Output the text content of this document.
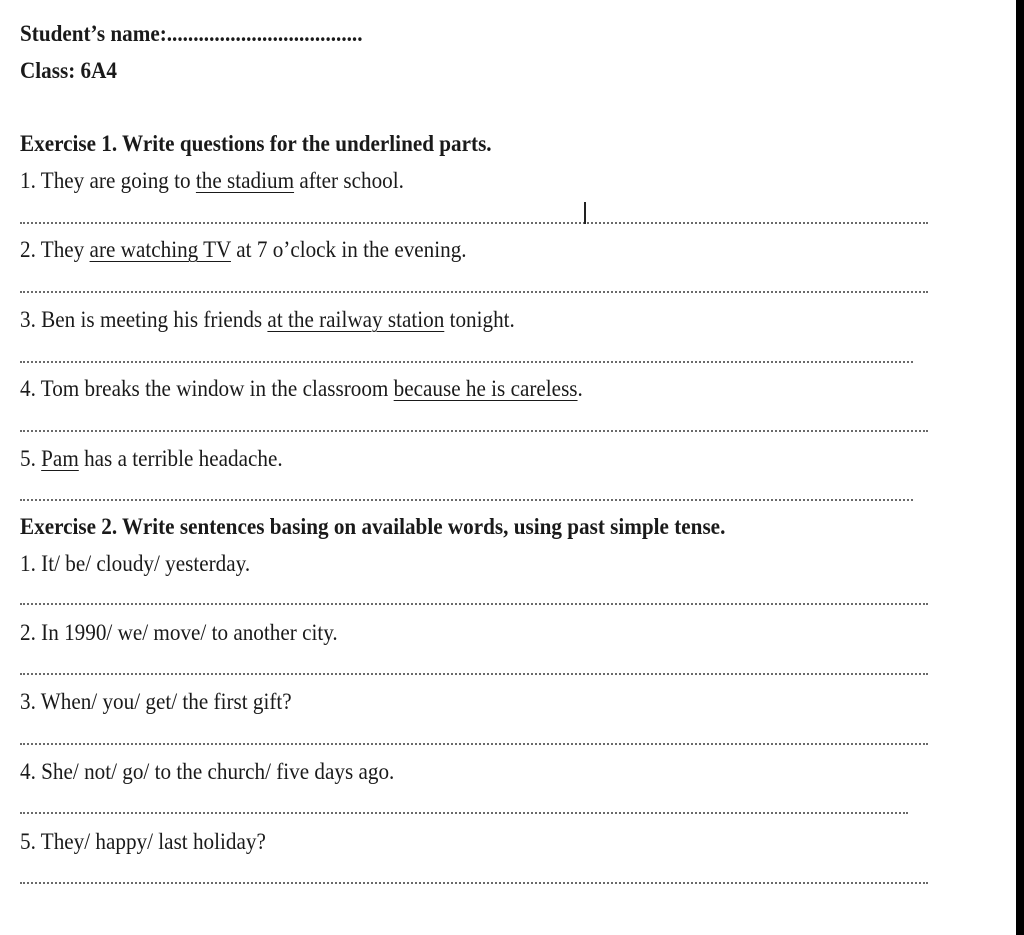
Student’s name:.....................................
Class: 6A4
Exercise 1. Write questions for the underlined parts.
1. They are going to the stadium after school.
2. They are watching TV at 7 o’clock in the evening.
3. Ben is meeting his friends at the railway station tonight.
4. Tom breaks the window in the classroom because he is careless.
5. Pam has a terrible headache.
Exercise 2. Write sentences basing on available words, using past simple tense.
1. It/ be/ cloudy/ yesterday.
2. In 1990/ we/ move/ to another city.
3. When/ you/ get/ the first gift?
4. She/ not/ go/ to the church/ five days ago.
5. They/ happy/ last holiday?
